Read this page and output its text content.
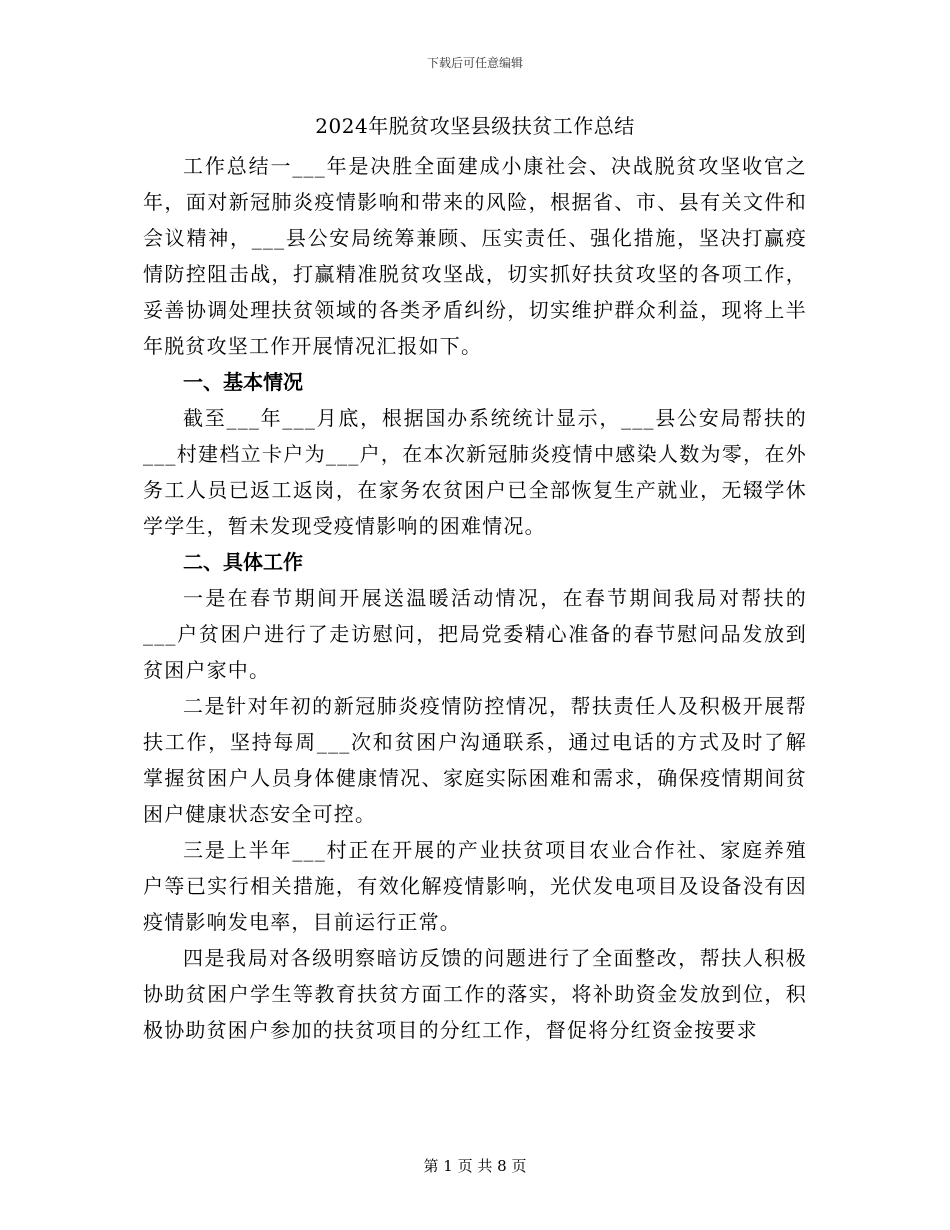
下载后可任意编辑
2024年脱贫攻坚县级扶贫工作总结

工作总结一___年是决胜全面建成小康社会、决战脱贫攻坚收官之年，面对新冠肺炎疫情影响和带来的风险，根据省、市、县有关文件和会议精神，___县公安局统筹兼顾、压实责任、强化措施，坚决打赢疫情防控阻击战，打赢精准脱贫攻坚战，切实抓好扶贫攻坚的各项工作，妥善协调处理扶贫领域的各类矛盾纠纷，切实维护群众利益，现将上半年脱贫攻坚工作开展情况汇报如下。

一、基本情况

截至___年___月底，根据国办系统统计显示，___县公安局帮扶的___村建档立卡户为___户，在本次新冠肺炎疫情中感染人数为零，在外务工人员已返工返岗，在家务农贫困户已全部恢复生产就业，无辍学休学学生，暂未发现受疫情影响的困难情况。

二、具体工作

一是在春节期间开展送温暖活动情况，在春节期间我局对帮扶的___户贫困户进行了走访慰问，把局党委精心准备的春节慰问品发放到贫困户家中。

二是针对年初的新冠肺炎疫情防控情况，帮扶责任人及积极开展帮扶工作，坚持每周___次和贫困户沟通联系，通过电话的方式及时了解掌握贫困户人员身体健康情况、家庭实际困难和需求，确保疫情期间贫困户健康状态安全可控。

三是上半年___村正在开展的产业扶贫项目农业合作社、家庭养殖户等已实行相关措施，有效化解疫情影响，光伏发电项目及设备没有因疫情影响发电率，目前运行正常。

四是我局对各级明察暗访反馈的问题进行了全面整改，帮扶人积极协助贫困户学生等教育扶贫方面工作的落实，将补助资金发放到位，积极协助贫困户参加的扶贫项目的分红工作，督促将分红资金按要求

第 1 页 共 8 页
